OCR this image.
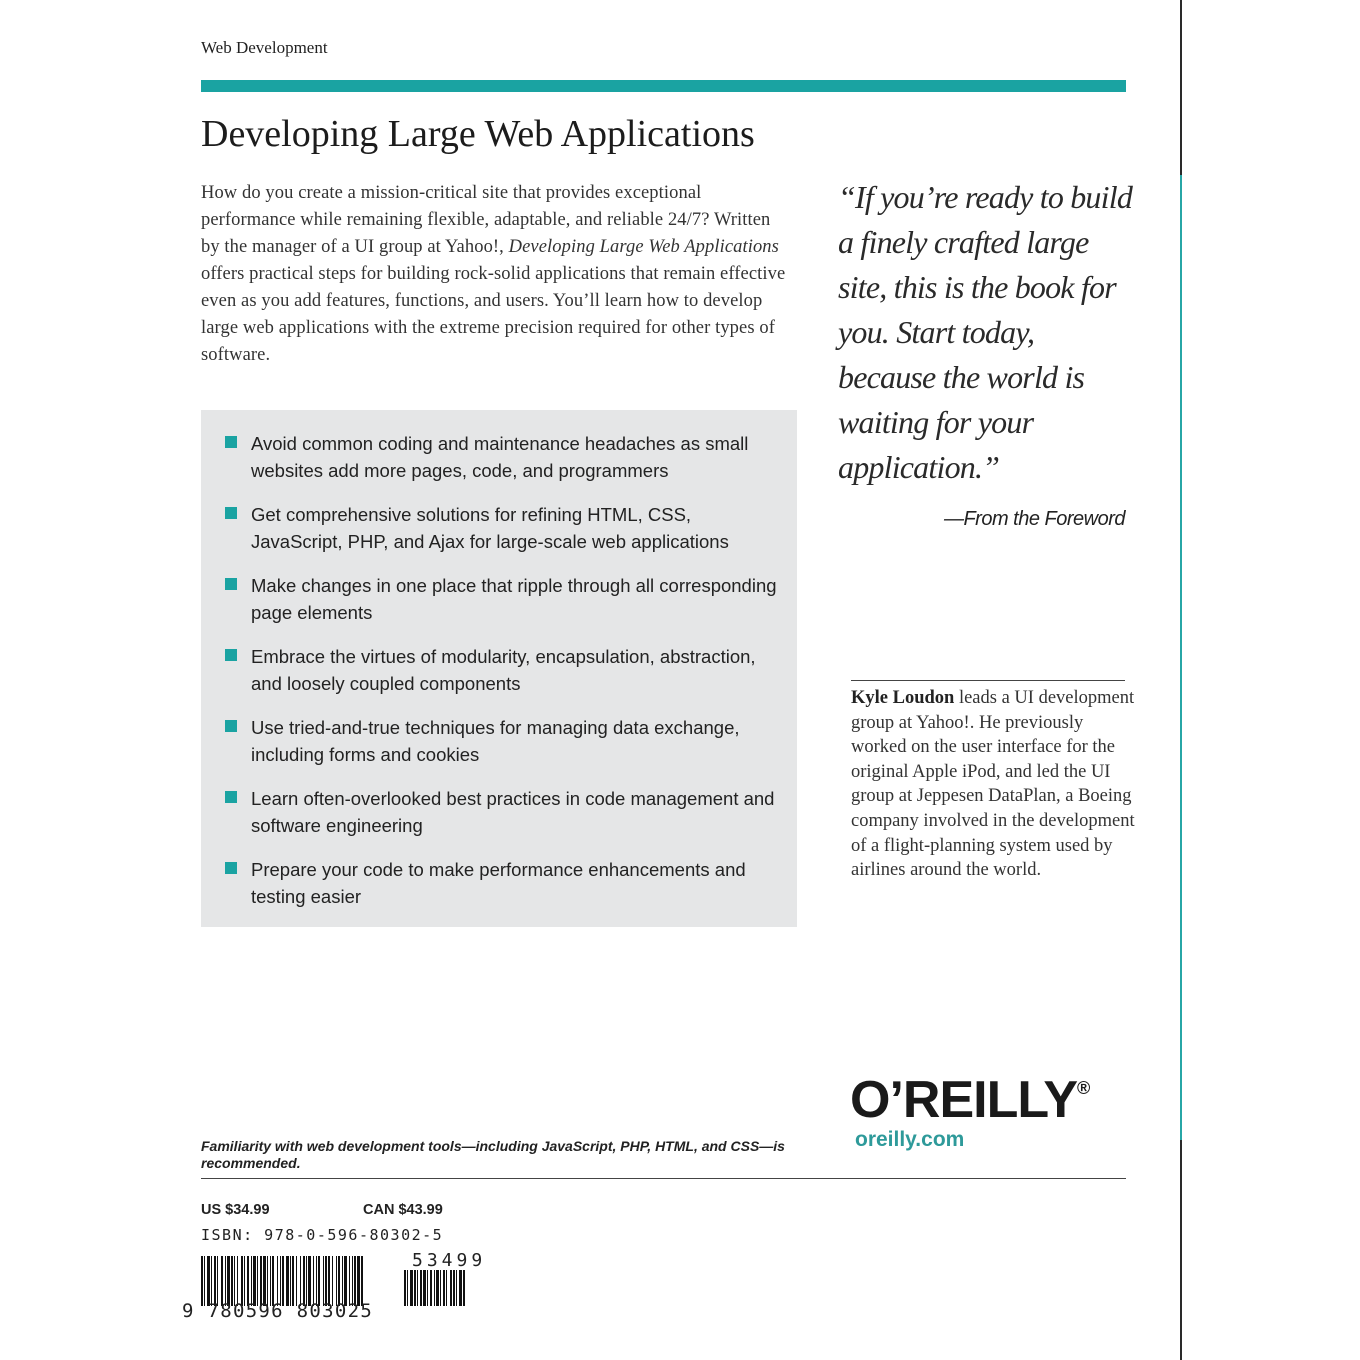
Web Development
Developing Large Web Applications
How do you create a mission-critical site that provides exceptional performance while remaining flexible, adaptable, and reliable 24/7? Written by the manager of a UI group at Yahoo!, Developing Large Web Applications offers practical steps for building rock-solid applications that remain effective even as you add features, functions, and users. You’ll learn how to develop large web applications with the extreme precision required for other types of software.
Avoid common coding and maintenance headaches as small websites add more pages, code, and programmers
Get comprehensive solutions for refining HTML, CSS, JavaScript, PHP, and Ajax for large-scale web applications
Make changes in one place that ripple through all corresponding page elements
Embrace the virtues of modularity, encapsulation, abstraction, and loosely coupled components
Use tried-and-true techniques for managing data exchange, including forms and cookies
Learn often-overlooked best practices in code management and software engineering
Prepare your code to make performance enhancements and testing easier
“If you’re ready to build a finely crafted large site, this is the book for you. Start today, because the world is waiting for your application.”
—From the Foreword
Kyle Loudon leads a UI development group at Yahoo!. He previously worked on the user interface for the original Apple iPod, and led the UI group at Jeppesen DataPlan, a Boeing company involved in the development of a flight-planning system used by airlines around the world.
O’REILLY®
oreilly.com
Familiarity with web development tools—including JavaScript, PHP, HTML, and CSS—is recommended.
US $34.99	CAN $43.99
ISBN: 978-0-596-80302-5
53499
9 780596 803025
